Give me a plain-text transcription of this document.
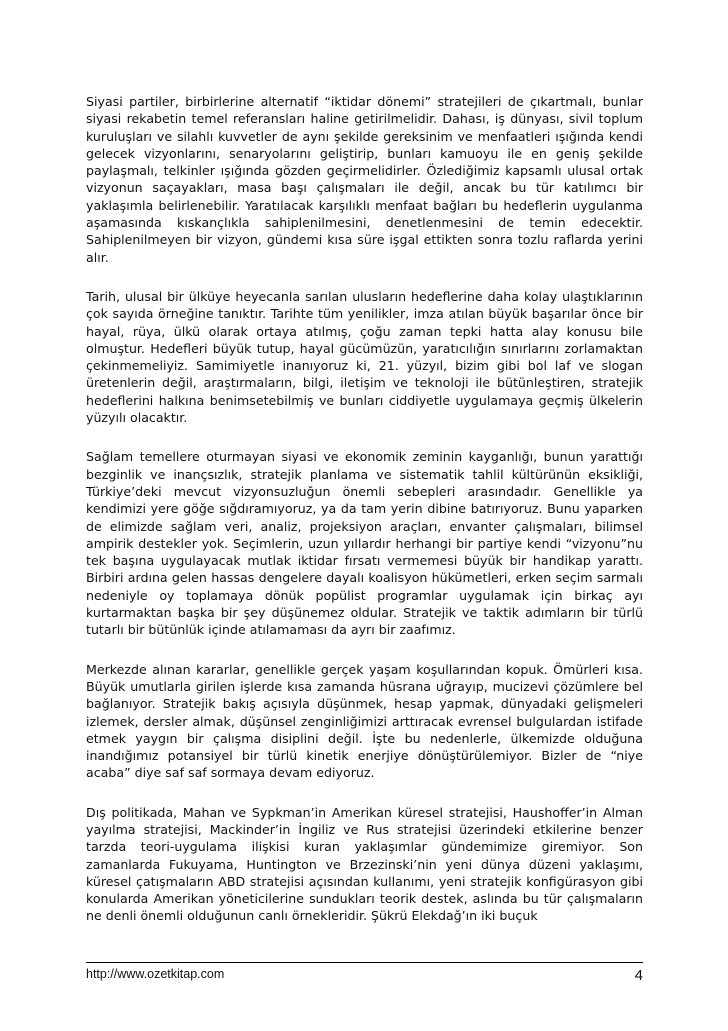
Siyasi partiler, birbirlerine alternatif “iktidar dönemi” stratejileri de çıkartmalı, bunlar siyasi rekabetin temel referansları haline getirilmelidir. Dahası, iş dünyası, sivil toplum kuruluşları ve silahlı kuvvetler de aynı şekilde gereksinim ve menfaatleri ışığında kendi gelecek vizyonlarını, senaryolarını geliştirip, bunları kamuoyu ile en geniş şekilde paylaşmalı, telkinler ışığında gözden geçirmelidirler. Özlediğimiz kapsamlı ulusal ortak vizyonun saçayakları, masa başı çalışmaları ile değil, ancak bu tür katılımcı bir yaklaşımla belirlenebilir. Yaratılacak karşılıklı menfaat bağları bu hedeflerin uygulanma aşamasında kıskançlıkla sahiplenilmesini, denetlenmesini de temin edecektir. Sahiplenilmeyen bir vizyon, gündemi kısa süre işgal ettikten sonra tozlu raflarda yerini alır.

Tarih, ulusal bir ülküye heyecanla sarılan ulusların hedeflerine daha kolay ulaştıklarının çok sayıda örneğine tanıktır. Tarihte tüm yenilikler, imza atılan büyük başarılar önce bir hayal, rüya, ülkü olarak ortaya atılmış, çoğu zaman tepki hatta alay konusu bile olmuştur. Hedefleri büyük tutup, hayal gücümüzün, yaratıcılığın sınırlarını zorlamaktan çekinmemeliyiz. Samimiyetle inanıyoruz ki, 21. yüzyıl, bizim gibi bol laf ve slogan üretenlerin değil, araştırmaların, bilgi, iletişim ve teknoloji ile bütünleştiren, stratejik hedeflerini halkına benimsetebilmiş ve bunları ciddiyetle uygulamaya geçmiş ülkelerin yüzyılı olacaktır.

Sağlam temellere oturmayan siyasi ve ekonomik zeminin kayganlığı, bunun yarattığı bezginlik ve inançsızlık, stratejik planlama ve sistematik tahlil kültürünün eksikliği, Türkiye’deki mevcut vizyonsuzluğun önemli sebepleri arasındadır. Genellikle ya kendimizi yere göğe sığdıramıyoruz, ya da tam yerin dibine batırıyoruz. Bunu yaparken de elimizde sağlam veri, analiz, projeksiyon araçları, envanter çalışmaları, bilimsel ampirik destekler yok. Seçimlerin, uzun yıllardır herhangi bir partiye kendi “vizyonu”nu tek başına uygulayacak mutlak iktidar fırsatı vermemesi büyük bir handikap yarattı. Birbiri ardına gelen hassas dengelere dayalı koalisyon hükümetleri, erken seçim sarmalı nedeniyle oy toplamaya dönük popülist programlar uygulamak için birkaç ayı kurtarmaktan başka bir şey düşünemez oldular. Stratejik ve taktik adımların bir türlü tutarlı bir bütünlük içinde atılamaması da ayrı bir zaafımız.

Merkezde alınan kararlar, genellikle gerçek yaşam koşullarından kopuk. Ömürleri kısa. Büyük umutlarla girilen işlerde kısa zamanda hüsrana uğrayıp, mucizevi çözümlere bel bağlanıyor. Stratejik bakış açısıyla düşünmek, hesap yapmak, dünyadaki gelişmeleri izlemek, dersler almak, düşünsel zenginliğimizi arttıracak evrensel bulgulardan istifade etmek yaygın bir çalışma disiplini değil. İşte bu nedenlerle, ülkemizde olduğuna inandığımız potansiyel bir türlü kinetik enerjiye dönüştürülemiyor. Bizler de “niye acaba” diye saf saf sormaya devam ediyoruz.

Dış politikada, Mahan ve Sypkman’in Amerikan küresel stratejisi, Haushoffer’in Alman yayılma stratejisi, Mackinder’in İngiliz ve Rus stratejisi üzerindeki etkilerine benzer tarzda teori-uygulama ilişkisi kuran yaklaşımlar gündemimize giremiyor. Son zamanlarda Fukuyama, Huntington ve Brzezinski’nin yeni dünya düzeni yaklaşımı, küresel çatışmaların ABD stratejisi açısından kullanımı, yeni stratejik konfigürasyon gibi konularda Amerikan yöneticilerine sundukları teorik destek, aslında bu tür çalışmaların ne denli önemli olduğunun canlı örnekleridir. Şükrü Elekdağ’ın iki buçuk

http://www.ozetkitap.com	4
